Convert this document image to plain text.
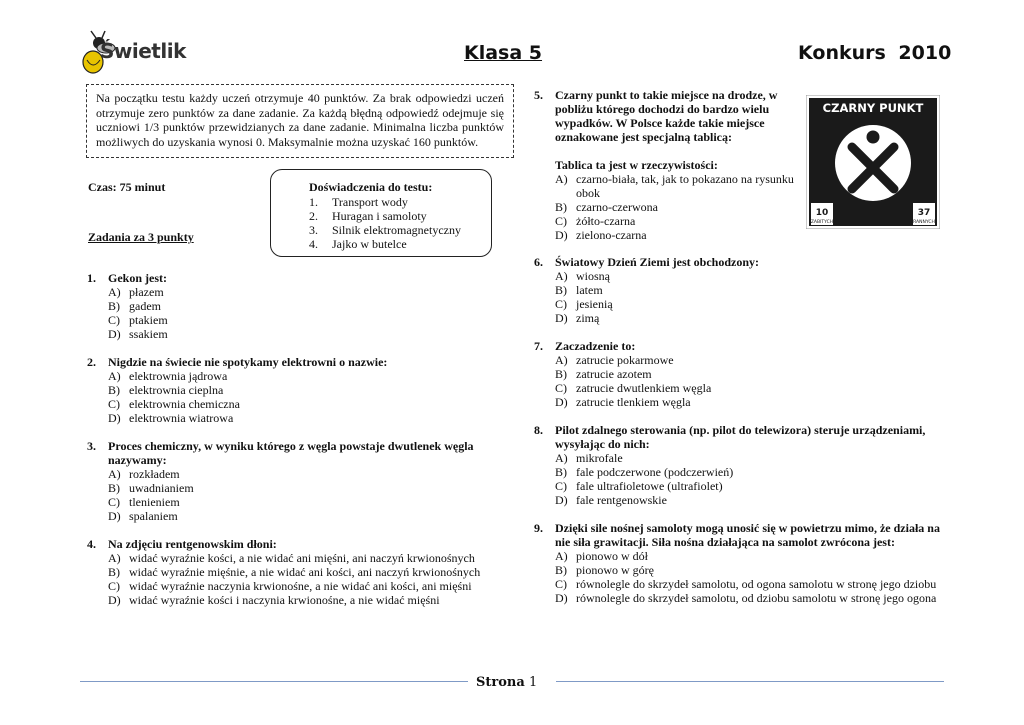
Świetlik	Klasa 5	Konkurs 2010
Na początku testu każdy uczeń otrzymuje 40 punktów. Za brak odpowiedzi uczeń otrzymuje zero punktów za dane zadanie. Za każdą błędną odpowiedź odejmuje się uczniowi 1/3 punktów przewidzianych za dane zadanie. Minimalna liczba punktów możliwych do uzyskania wynosi 0. Maksymalnie można uzyskać 160 punktów.
Czas: 75 minut
Zadania za 3 punkty
Doświadczenia do testu:
1.	Transport wody
2.	Huragan i samoloty
3.	Silnik elektromagnetyczny
4.	Jajko w butelce
1.	Gekon jest:
A) płazem
B) gadem
C) ptakiem
D) ssakiem
2.	Nigdzie na świecie nie spotykamy elektrowni o nazwie:
A) elektrownia jądrowa
B) elektrownia cieplna
C) elektrownia chemiczna
D) elektrownia wiatrowa
3.	Proces chemiczny, w wyniku którego z węgla powstaje dwutlenek węgla nazywamy:
A) rozkładem
B) uwadnianiem
C) tlenieniem
D) spalaniem
4.	Na zdjęciu rentgenowskim dłoni:
A) widać wyraźnie kości, a nie widać ani mięśni, ani naczyń krwionośnych
B) widać wyraźnie mięśnie, a nie widać ani kości, ani naczyń krwionośnych
C) widać wyraźnie naczynia krwionośne, a nie widać ani kości, ani mięśni
D) widać wyraźnie kości i naczynia krwionośne, a nie widać mięśni
5.	Czarny punkt to takie miejsce na drodze, w pobliżu którego dochodzi do bardzo wielu wypadków. W Polsce każde takie miejsce oznakowane jest specjalną tablicą:
Tablica ta jest w rzeczywistości:
A) czarno-biała, tak, jak to pokazano na rysunku obok
B) czarno-czerwona
C) żółto-czarna
D) zielono-czarna
CZARNY PUNKT
10
ZABITYCH
37
RANNYCH
6.	Światowy Dzień Ziemi jest obchodzony:
A) wiosną
B) latem
C) jesienią
D) zimą
7.	Zaczadzenie to:
A) zatrucie pokarmowe
B) zatrucie azotem
C) zatrucie dwutlenkiem węgla
D) zatrucie tlenkiem węgla
8.	Pilot zdalnego sterowania (np. pilot do telewizora) steruje urządzeniami, wysyłając do nich:
A) mikrofale
B) fale podczerwone (podczerwień)
C) fale ultrafioletowe (ultrafiolet)
D) fale rentgenowskie
9.	Dzięki sile nośnej samoloty mogą unosić się w powietrzu mimo, że działa na nie siła grawitacji. Siła nośna działająca na samolot zwrócona jest:
A) pionowo w dół
B) pionowo w górę
C) równolegle do skrzydeł samolotu, od ogona samolotu w stronę jego dziobu
D) równolegle do skrzydeł samolotu, od dziobu samolotu w stronę jego ogona
Strona 1
